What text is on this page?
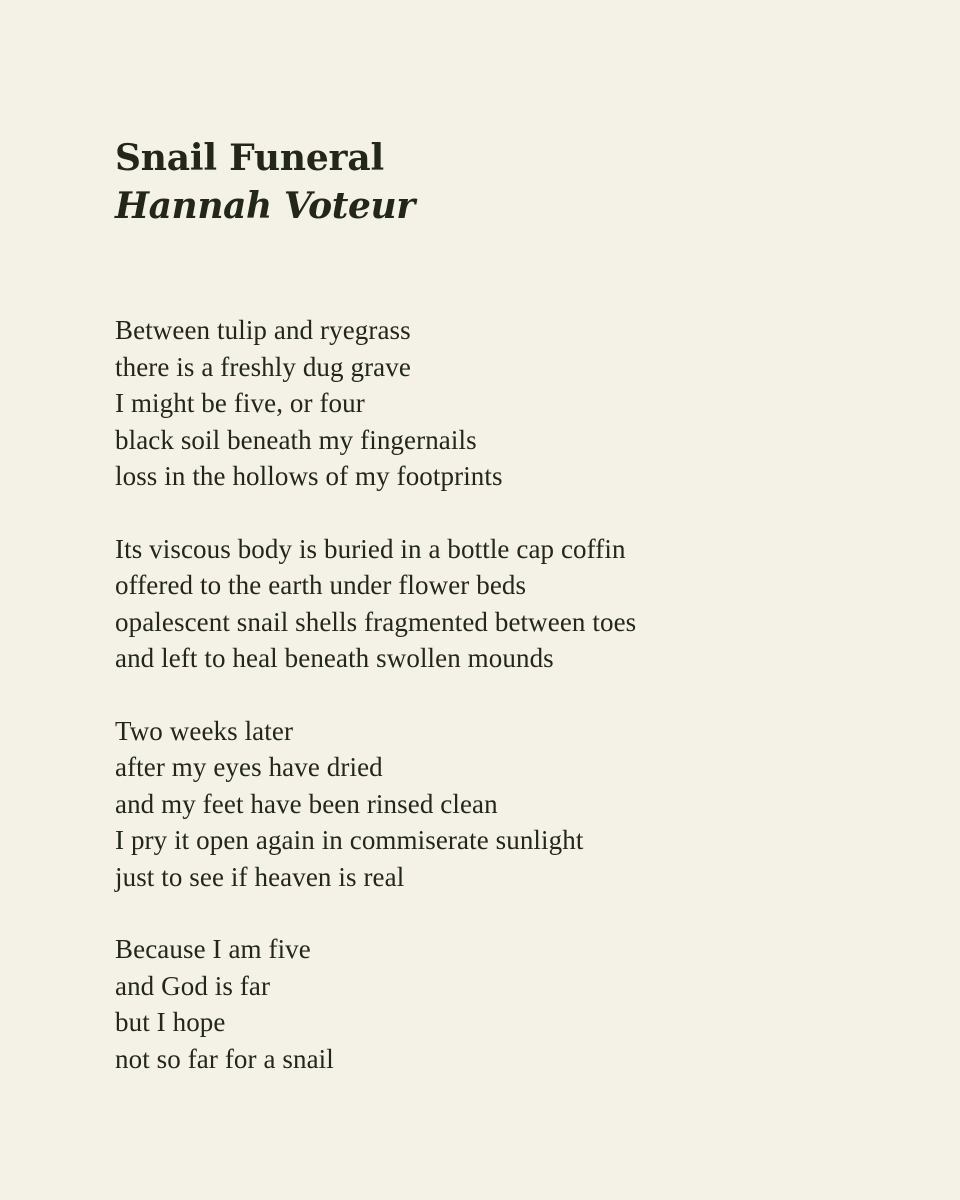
Snail Funeral
Hannah Voteur
Between tulip and ryegrass
there is a freshly dug grave
I might be five, or four
black soil beneath my fingernails
loss in the hollows of my footprints
Its viscous body is buried in a bottle cap coffin
offered to the earth under flower beds
opalescent snail shells fragmented between toes
and left to heal beneath swollen mounds
Two weeks later
after my eyes have dried
and my feet have been rinsed clean
I pry it open again in commiserate sunlight
just to see if heaven is real
Because I am five
and God is far
but I hope
not so far for a snail
